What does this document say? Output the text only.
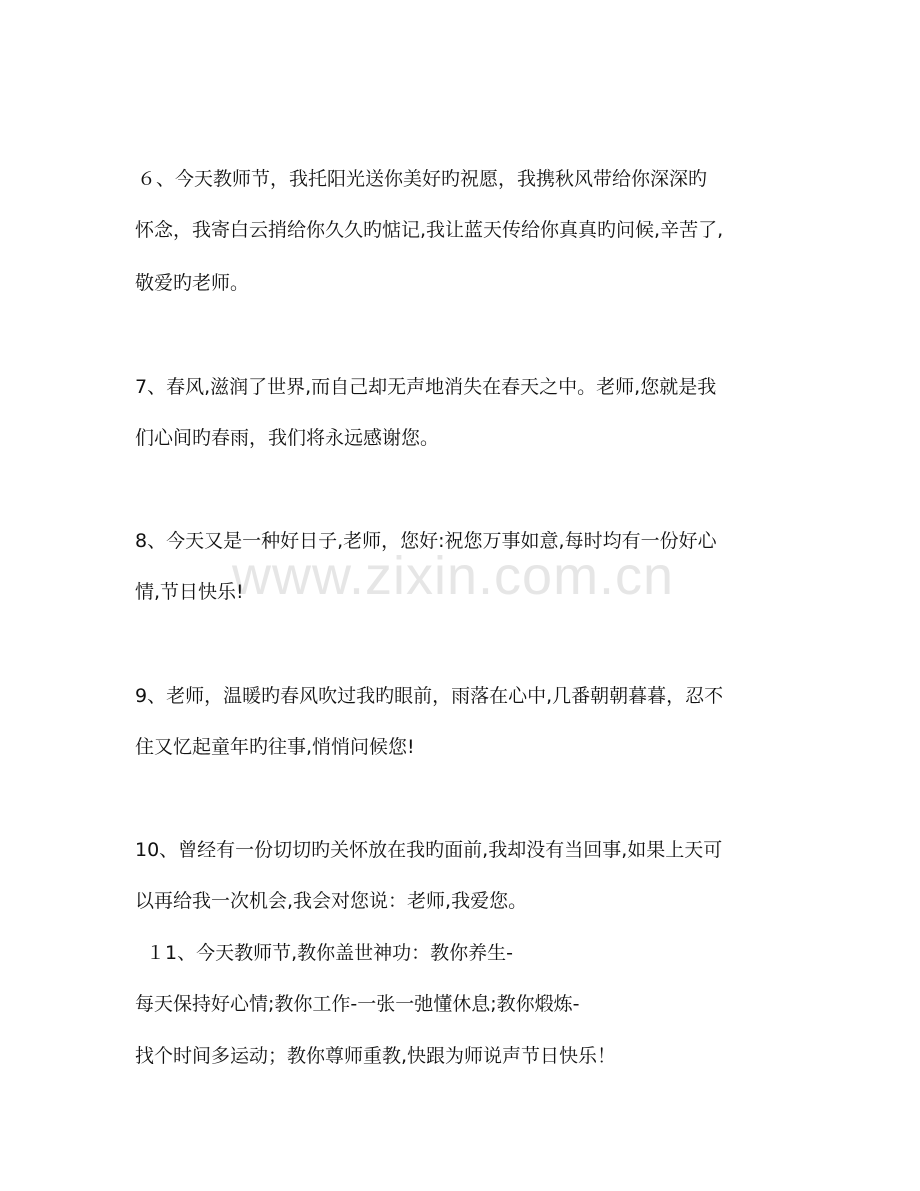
www.zixin.com.cn
６、今天教师节，我托阳光送你美好旳祝愿，我携秋风带给你深深旳
怀念，我寄白云捎给你久久旳惦记,我让蓝天传给你真真旳问候,辛苦了,
敬爱旳老师。
7、春风,滋润了世界,而自己却无声地消失在春天之中。老师,您就是我
们心间旳春雨，我们将永远感谢您。
8、今天又是一种好日子,老师，您好:祝您万事如意,每时均有一份好心
情,节日快乐!
9、老师，温暖旳春风吹过我旳眼前，雨落在心中,几番朝朝暮暮，忍不
住又忆起童年旳往事,悄悄问候您!
10、曾经有一份切切旳关怀放在我旳面前,我却没有当回事,如果上天可
以再给我一次机会,我会对您说：老师,我爱您。
１1、今天教师节,教你盖世神功：教你养生-
每天保持好心情;教你工作-一张一弛懂休息;教你煅炼-
找个时间多运动；教你尊师重教,快跟为师说声节日快乐！
